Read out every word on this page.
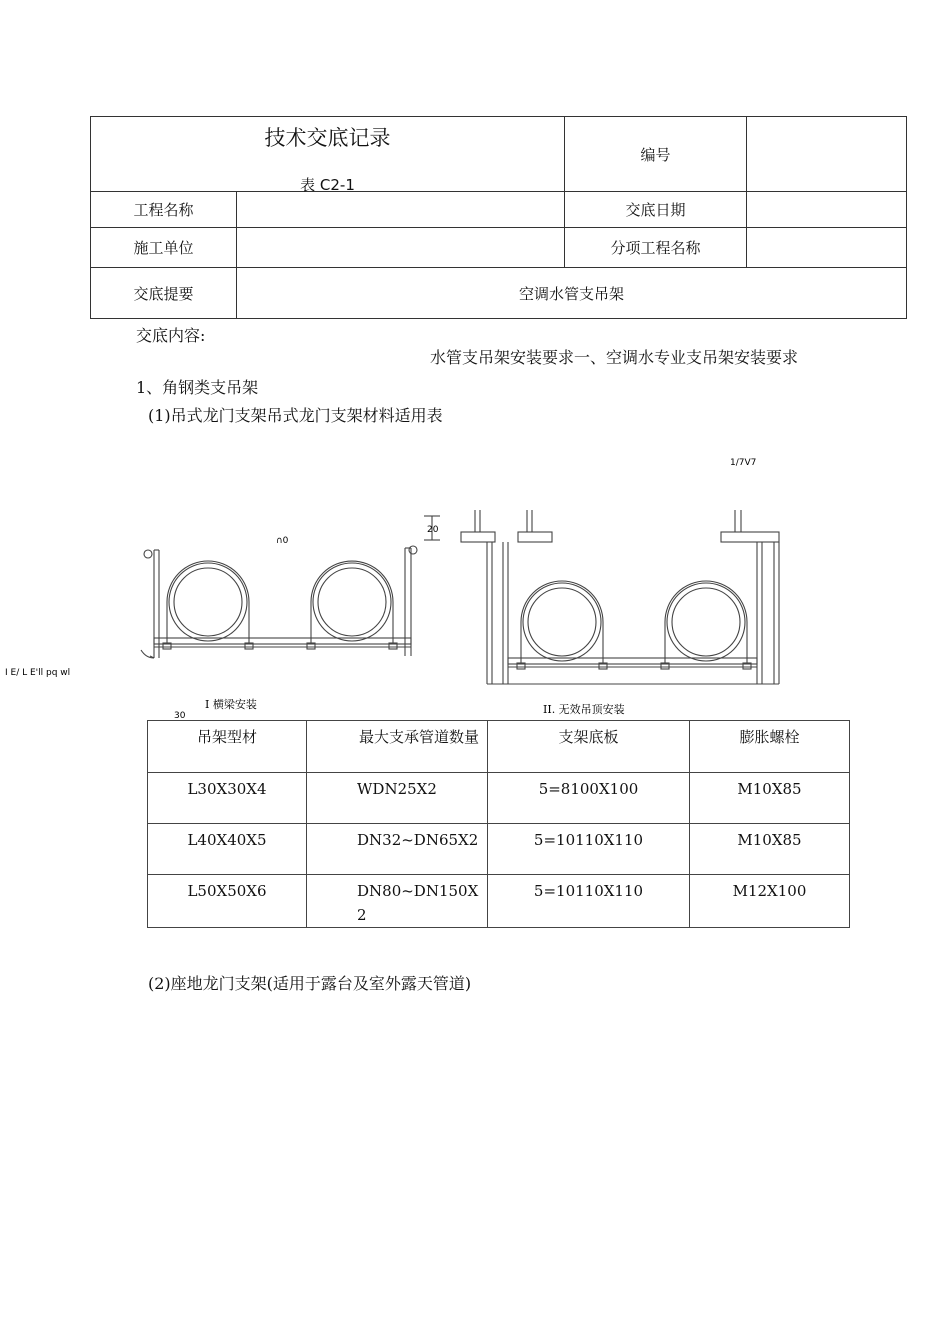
技术交底记录
表 C2-1		编号	
工程名称		交底日期	
施工单位		分项工程名称	
交底提要	空调水管支吊架		
交底内容:
水管支吊架安装要求一、空调水专业支吊架安装要求
1、角钢类支吊架
(1)吊式龙门支架吊式龙门支架材料适用表
1/7V7
I E/ L E'll pq wl
20
∩0
30
I 横梁安装	II. 无效吊顶安装
吊架型材	最大支承管道数量	支架底板	膨胀螺栓
L30X30X4	WDN25X2	5=8100X100	M10X85
L40X40X5	DN32~DN65X2	5=10110X110	M10X85
L50X50X6	DN80~DN150X2	5=10110X110	M12X100
(2)座地龙门支架(适用于露台及室外露天管道)
